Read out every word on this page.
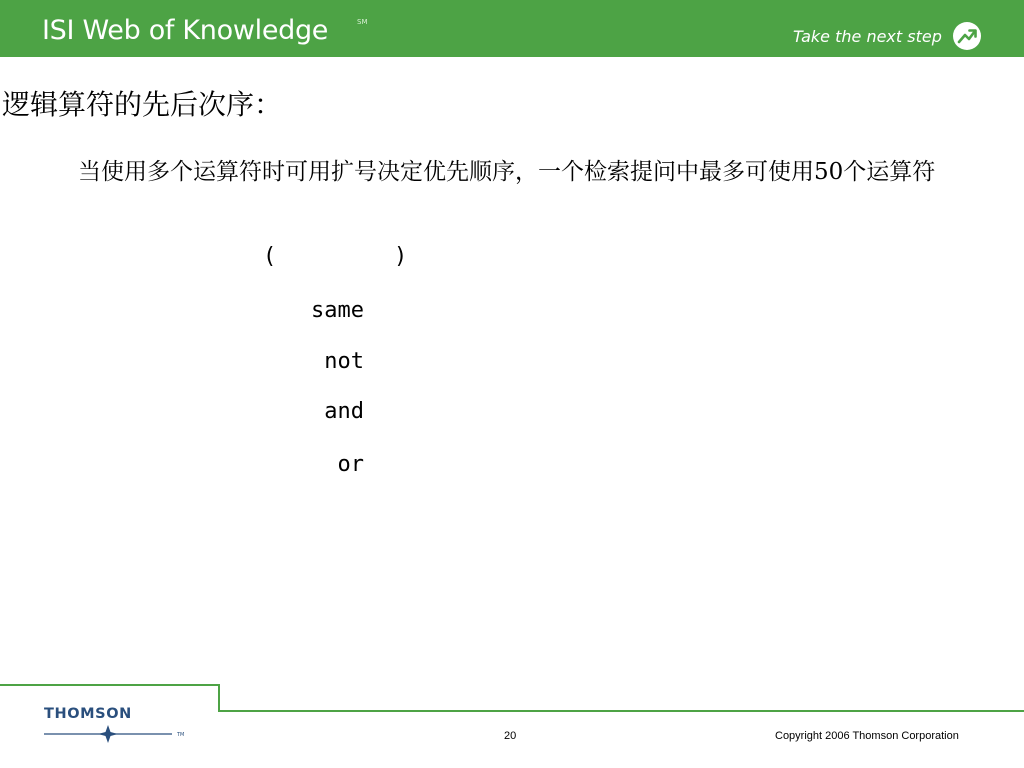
ISI Web of Knowledge	SM
Take the next step
逻辑算符的先后次序：
当使用多个运算符时可用扩号决定优先顺序，一个检索提问中最多可使用50个运算符
(	)
same
not
and
or
THOMSON
TM	20	Copyright 2006 Thomson Corporation
